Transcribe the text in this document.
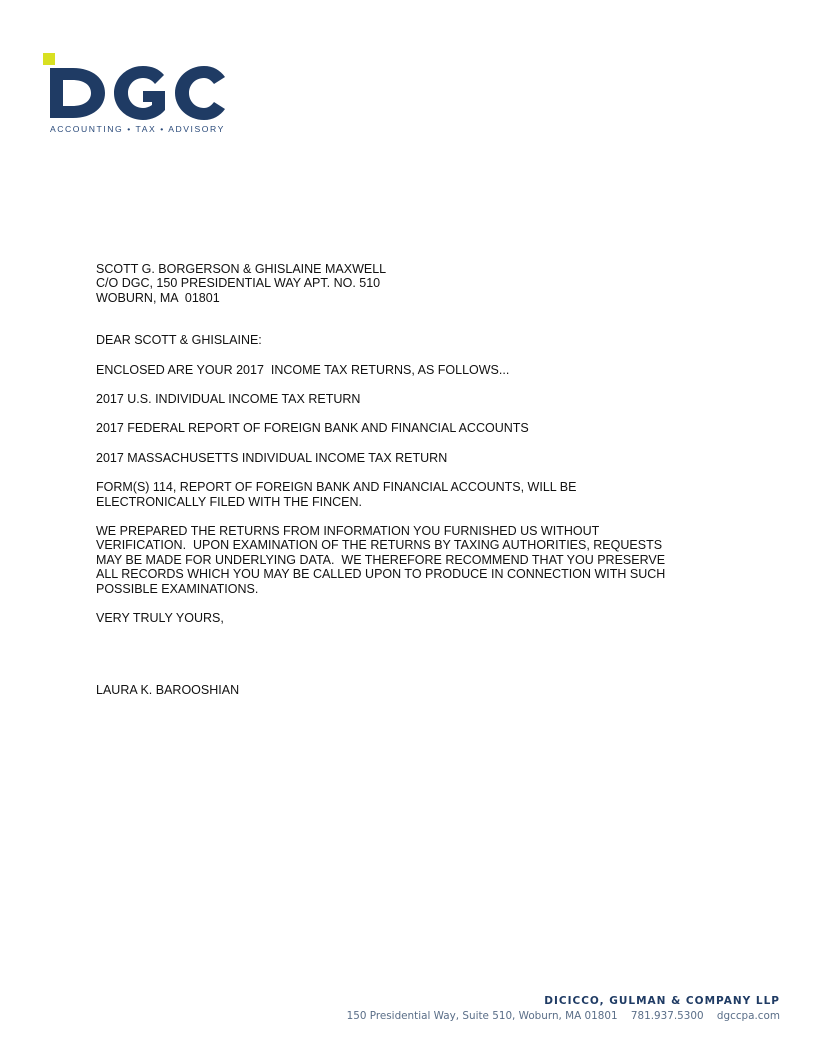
ACCOUNTING • TAX • ADVISORY
SCOTT G. BORGERSON & GHISLAINE MAXWELL
C/O DGC, 150 PRESIDENTIAL WAY APT. NO. 510
WOBURN, MA  01801
DEAR SCOTT & GHISLAINE:
ENCLOSED ARE YOUR 2017  INCOME TAX RETURNS, AS FOLLOWS...
2017 U.S. INDIVIDUAL INCOME TAX RETURN
2017 FEDERAL REPORT OF FOREIGN BANK AND FINANCIAL ACCOUNTS
2017 MASSACHUSETTS INDIVIDUAL INCOME TAX RETURN
FORM(S) 114, REPORT OF FOREIGN BANK AND FINANCIAL ACCOUNTS, WILL BE
ELECTRONICALLY FILED WITH THE FINCEN.
WE PREPARED THE RETURNS FROM INFORMATION YOU FURNISHED US WITHOUT
VERIFICATION.  UPON EXAMINATION OF THE RETURNS BY TAXING AUTHORITIES, REQUESTS
MAY BE MADE FOR UNDERLYING DATA.  WE THEREFORE RECOMMEND THAT YOU PRESERVE
ALL RECORDS WHICH YOU MAY BE CALLED UPON TO PRODUCE IN CONNECTION WITH SUCH
POSSIBLE EXAMINATIONS.
VERY TRULY YOURS,
LAURA K. BAROOSHIAN
DICICCO, GULMAN & COMPANY LLP
150 Presidential Way, Suite 510, Woburn, MA 01801 781.937.5300 dgccpa.com
